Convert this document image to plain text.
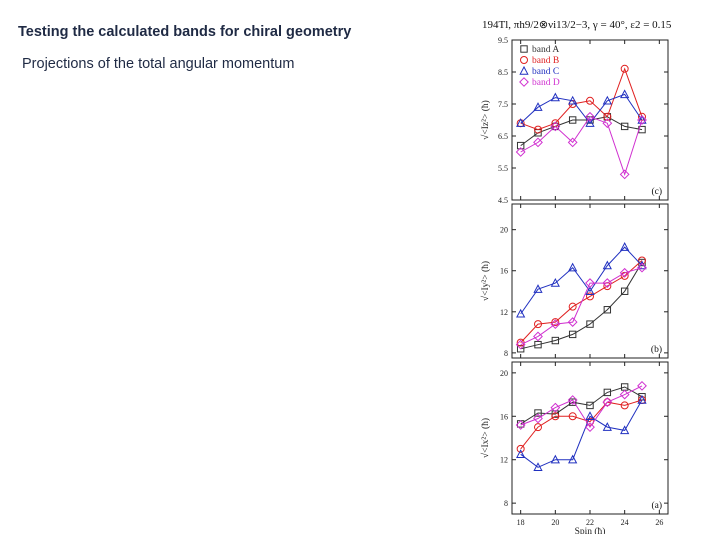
Testing the calculated bands for chiral geometry
Projections of the total angular momentum
194Tl, πh9/2⊗νi13/2−3, γ = 40°, ε2 = 0.15
4.5
5.5
6.5
7.5
8.5
9.5
√<Iz²> (ħ)
(c)
band A
band B
band C
band D
8
12
16
20
√<Iy²> (ħ)
(b)
8
12
16
20
√<Ix²> (ħ)
(a)
18	20	22	24	26
Spin (ħ)
